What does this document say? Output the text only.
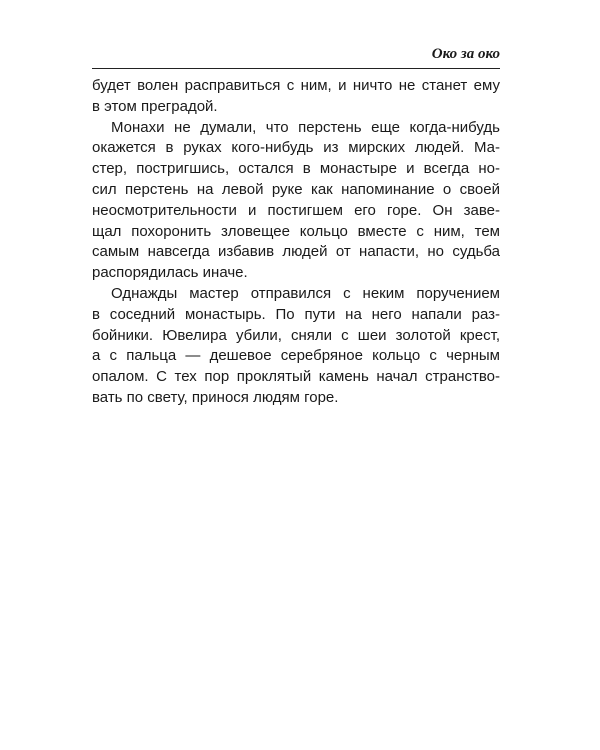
Око за око
будет волен расправиться с ним, и ничто не станет ему
в этом преградой.
Монахи не думали, что перстень еще когда-нибудь
окажется в руках кого-нибудь из мирских людей. Ма-
стер, постригшись, остался в монастыре и всегда но-
сил перстень на левой руке как напоминание о своей
неосмотрительности и постигшем его горе. Он заве-
щал похоронить зловещее кольцо вместе с ним, тем
самым навсегда избавив людей от напасти, но судьба
распорядилась иначе.
Однажды мастер отправился с неким поручением
в соседний монастырь. По пути на него напали раз-
бойники. Ювелира убили, сняли с шеи золотой крест,
а с пальца — дешевое серебряное кольцо с черным
опалом. С тех пор проклятый камень начал странство-
вать по свету, принося людям горе.
